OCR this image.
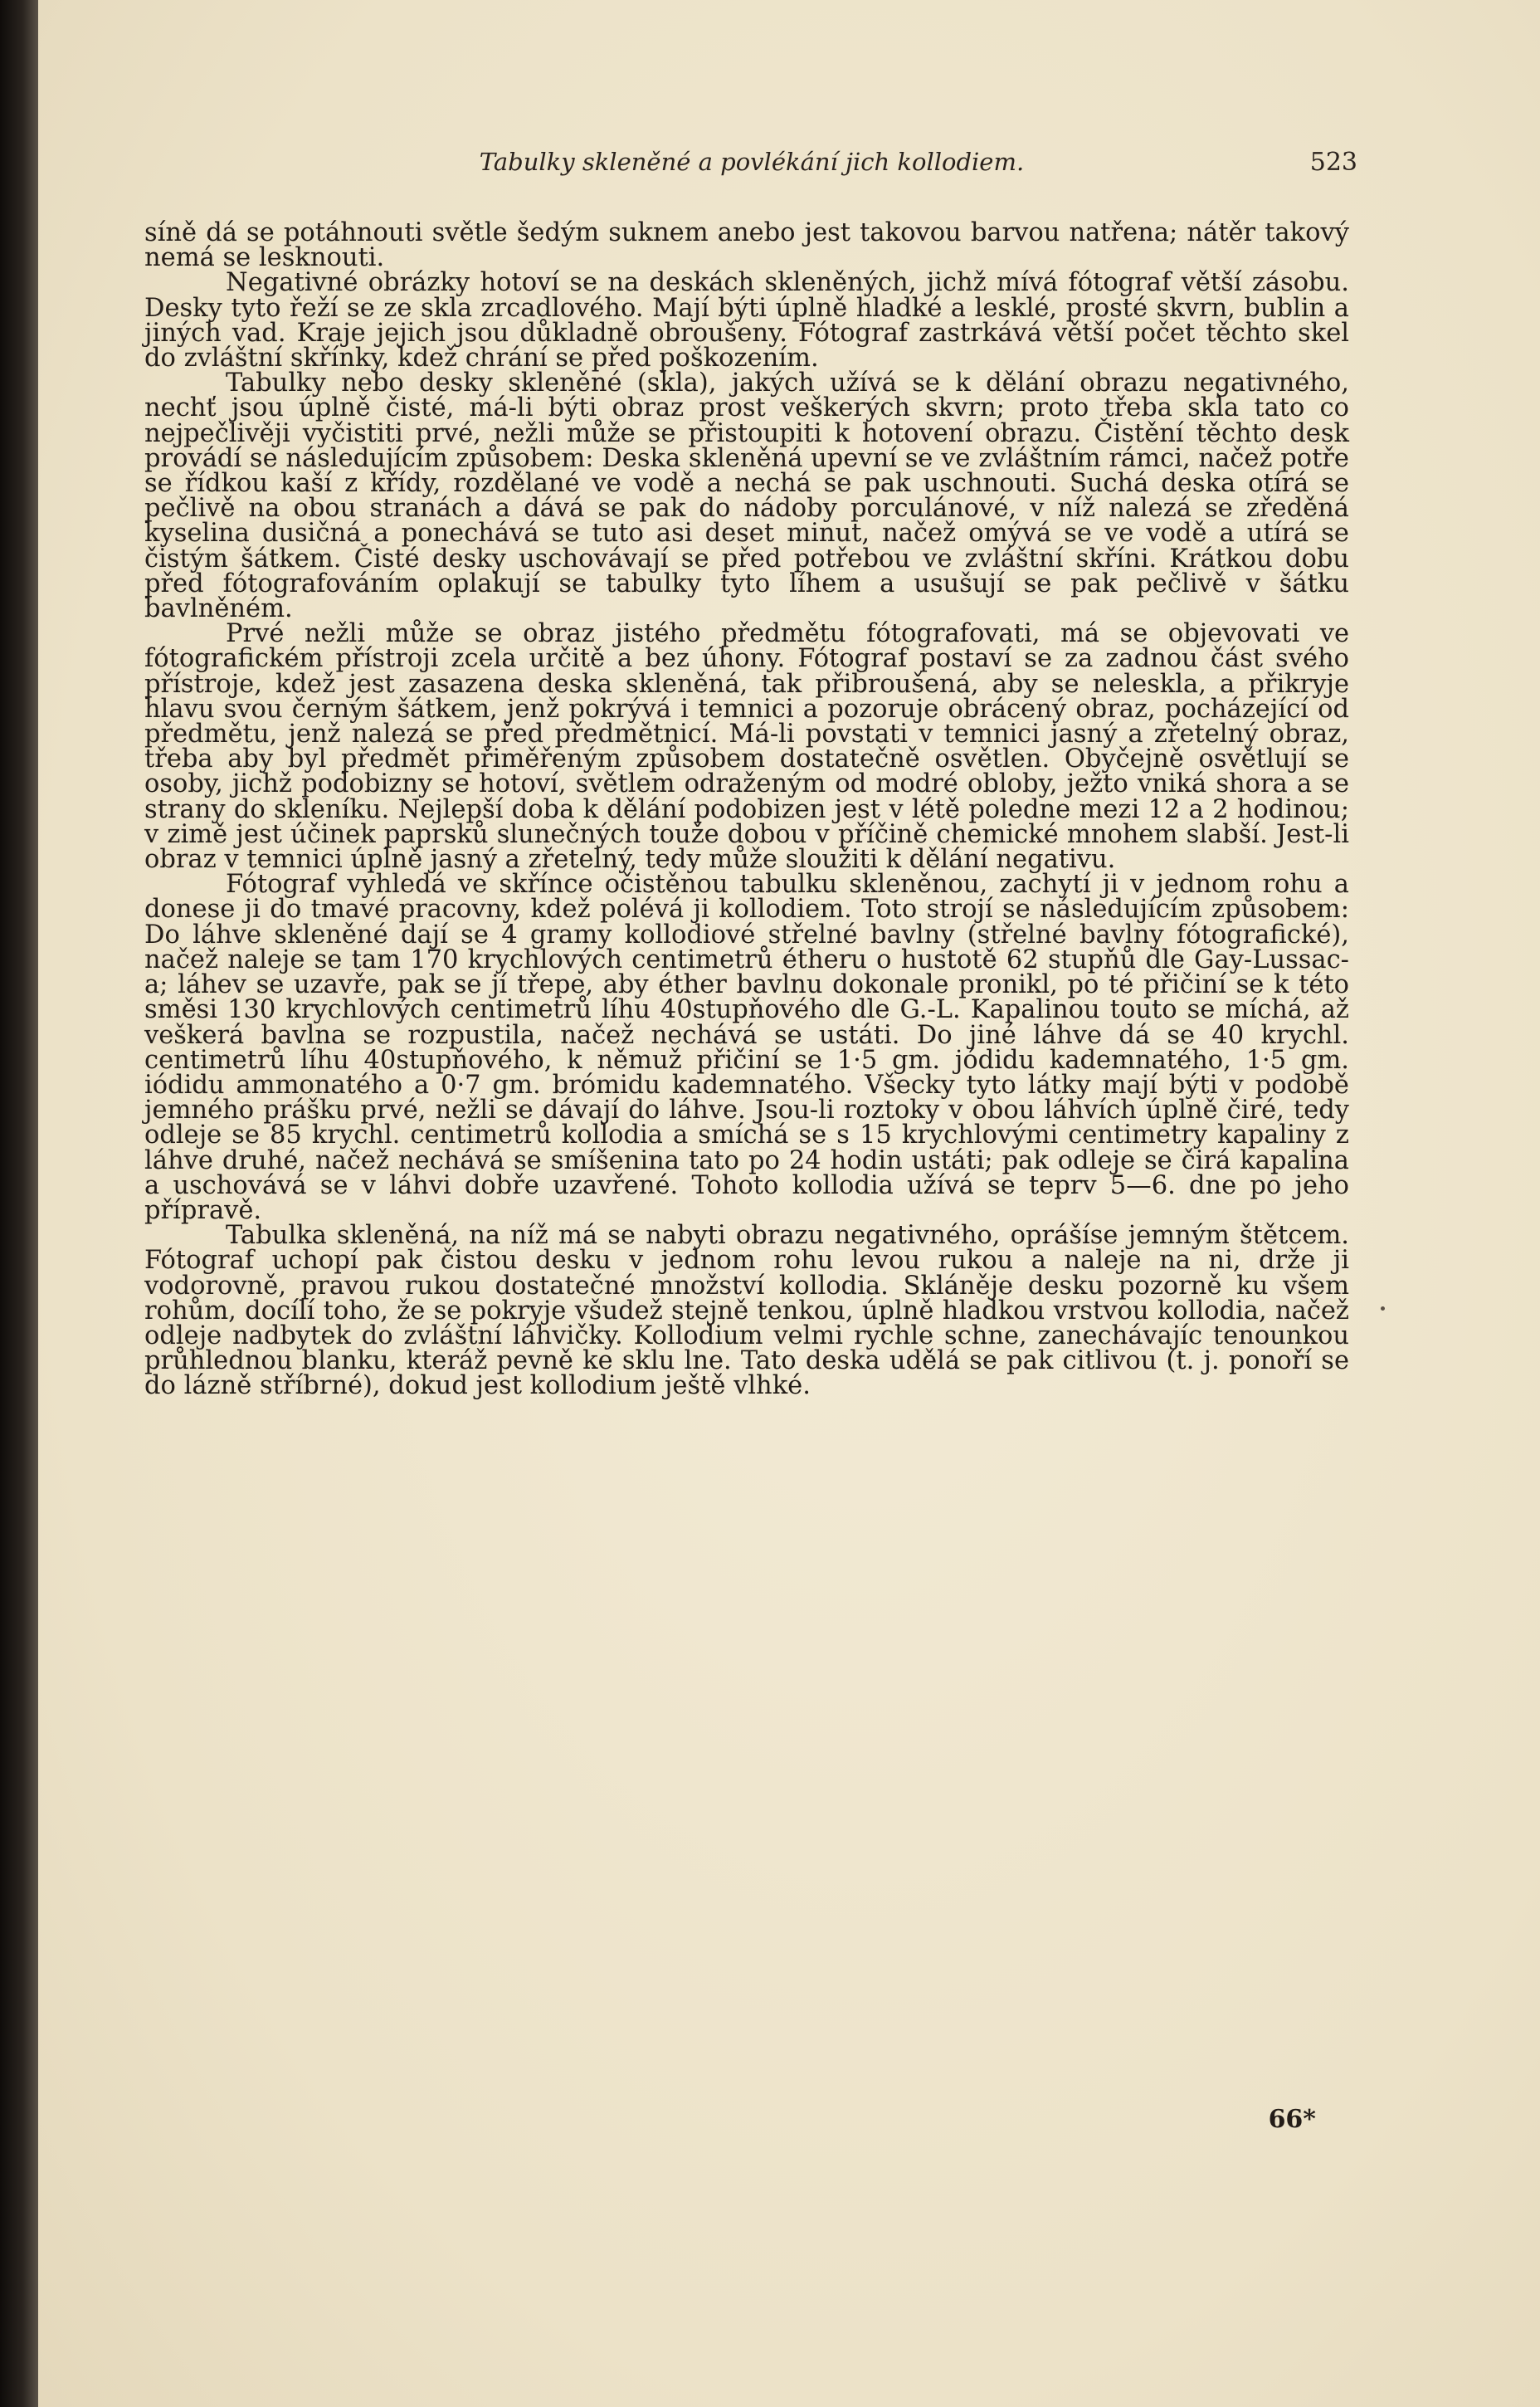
Tabulky skleněné a povlékání jich kollodiem.	523

síně dá se potáhnouti světle šedým suknem anebo jest takovou barvou natřena; nátěr takový nemá se lesknouti.

Negativné obrázky hotoví se na deskách skleněných, jichž mívá fótograf větší zásobu. Desky tyto řeží se ze skla zrcadlového. Mají býti úplně hladké a lesklé, prosté skvrn, bublin a jiných vad. Kraje jejich jsou důkladně obroušeny. Fótograf zastrkává větší počet těchto skel do zvláštní skřínky, kdež chrání se před poškozením.

Tabulky nebo desky skleněné (skla), jakých užívá se k dělání obrazu negativného, nechť jsou úplně čisté, má-li býti obraz prost veškerých skvrn; proto třeba skla tato co nejpečlivěji vyčistiti prvé, nežli může se přistoupiti k hotovení obrazu. Čistění těchto desk provádí se následujícím způsobem: Deska skleněná upevní se ve zvláštním rámci, načež potře se řídkou kaší z křídy, rozdělané ve vodě a nechá se pak uschnouti. Suchá deska otírá se pečlivě na obou stranách a dává se pak do nádoby porculánové, v níž nalezá se zředěná kyselina dusičná a ponechává se tuto asi deset minut, načež omývá se ve vodě a utírá se čistým šátkem. Čisté desky uschovávají se před potřebou ve zvláštní skříni. Krátkou dobu před fótografováním oplakují se tabulky tyto líhem a usušují se pak pečlivě v šátku bavlněném.

Prvé nežli může se obraz jistého předmětu fótografovati, má se objevovati ve fótografickém přístroji zcela určitě a bez úhony. Fótograf postaví se za zadnou část svého přístroje, kdež jest zasazena deska skleněná, tak přibroušená, aby se neleskla, a přikryje hlavu svou černým šátkem, jenž pokrývá i temnici a pozoruje obrácený obraz, pocházející od předmětu, jenž nalezá se před předmětnicí. Má-li povstati v temnici jasný a zřetelný obraz, třeba aby byl předmět přiměřeným způsobem dostatečně osvětlen. Obyčejně osvětlují se osoby, jichž podobizny se hotoví, světlem odraženým od modré obloby, ježto vniká shora a se strany do skleníku. Nejlepší doba k dělání podobizen jest v létě poledne mezi 12 a 2 hodinou; v zimě jest účinek paprsků slunečných touže dobou v příčině chemické mnohem slabší. Jest-li obraz v temnici úplně jasný a zřetelný, tedy může sloužiti k dělání negativu.

Fótograf vyhledá ve skřínce očistěnou tabulku skleněnou, zachytí ji v jednom rohu a donese ji do tmavé pracovny, kdež polévá ji kollodiem. Toto strojí se následujícím způsobem: Do láhve skleněné dají se 4 gramy kollodiové střelné bavlny (střelné bavlny fótografické), načež naleje se tam 170 krychlových centimetrů étheru o hustotě 62 stupňů dle Gay-Lussac-a; láhev se uzavře, pak se jí třepe, aby éther bavlnu dokonale pronikl, po té přičiní se k této směsi 130 krychlových centimetrů líhu 40stupňového dle G.-L. Kapalinou touto se míchá, až veškerá bavlna se rozpustila, načež nechává se ustáti. Do jiné láhve dá se 40 krychl. centimetrů líhu 40stupňového, k němuž přičiní se 1·5 gm. jódidu kademnatého, 1·5 gm. iódidu ammonatého a 0·7 gm. brómidu kademnatého. Všecky tyto látky mají býti v podobě jemného prášku prvé, nežli se dávají do láhve. Jsou-li roztoky v obou láhvích úplně čiré, tedy odleje se 85 krychl. centimetrů kollodia a smíchá se s 15 krychlovými centimetry kapaliny z láhve druhé, načež nechává se smíšenina tato po 24 hodin ustáti; pak odleje se čirá kapalina a uschovává se v láhvi dobře uzavřené. Tohoto kollodia užívá se teprv 5—6. dne po jeho přípravě.

Tabulka skleněná, na níž má se nabyti obrazu negativného, oprášíse jemným štětcem. Fótograf uchopí pak čistou desku v jednom rohu levou rukou a naleje na ni, drže ji vodorovně, pravou rukou dostatečné množství kollodia. Skláněje desku pozorně ku všem rohům, docílí toho, že se pokryje všudež stejně tenkou, úplně hladkou vrstvou kollodia, načež odleje nadbytek do zvláštní láhvičky. Kollodium velmi rychle schne, zanechávajíc tenounkou průhlednou blanku, kteráž pevně ke sklu lne. Tato deska udělá se pak citlivou (t. j. ponoří se do lázně stříbrné), dokud jest kollodium ještě vlhké.

66*
